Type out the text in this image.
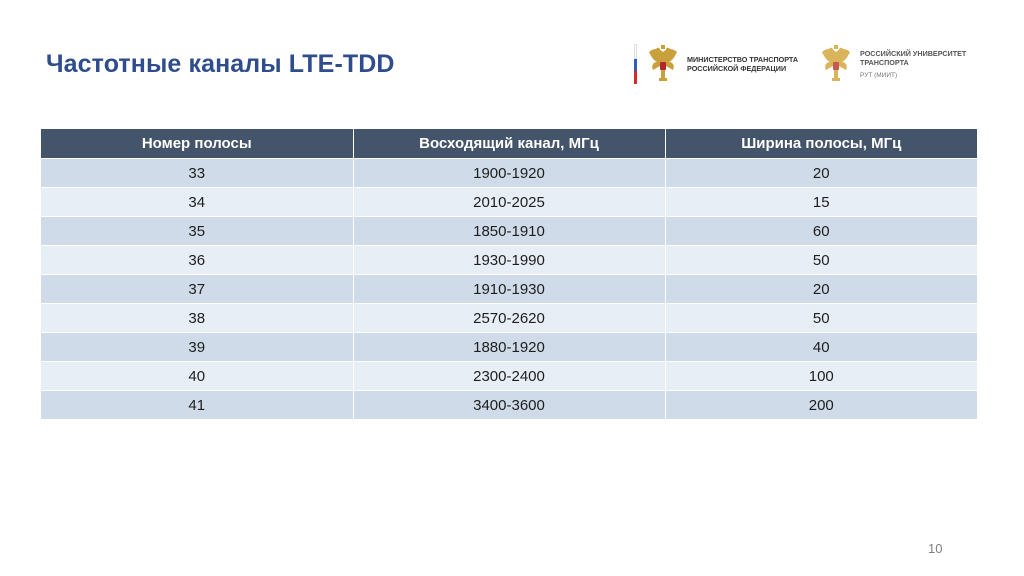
Частотные каналы LTE-TDD	МИНИСТЕРСТВО ТРАНСПОРТА
РОССИЙСКОЙ ФЕДЕРАЦИИ
РОССИЙСКИЙ УНИВЕРСИТЕТ
ТРАНСПОРТА
РУТ (МИИТ)
Номер полосы	Восходящий канал, МГц	Ширина полосы, МГц
33	1900-1920	20
34	2010-2025	15
35	1850-1910	60
36	1930-1990	50
37	1910-1930	20
38	2570-2620	50
39	1880-1920	40
40	2300-2400	100
41	3400-3600	200
10
